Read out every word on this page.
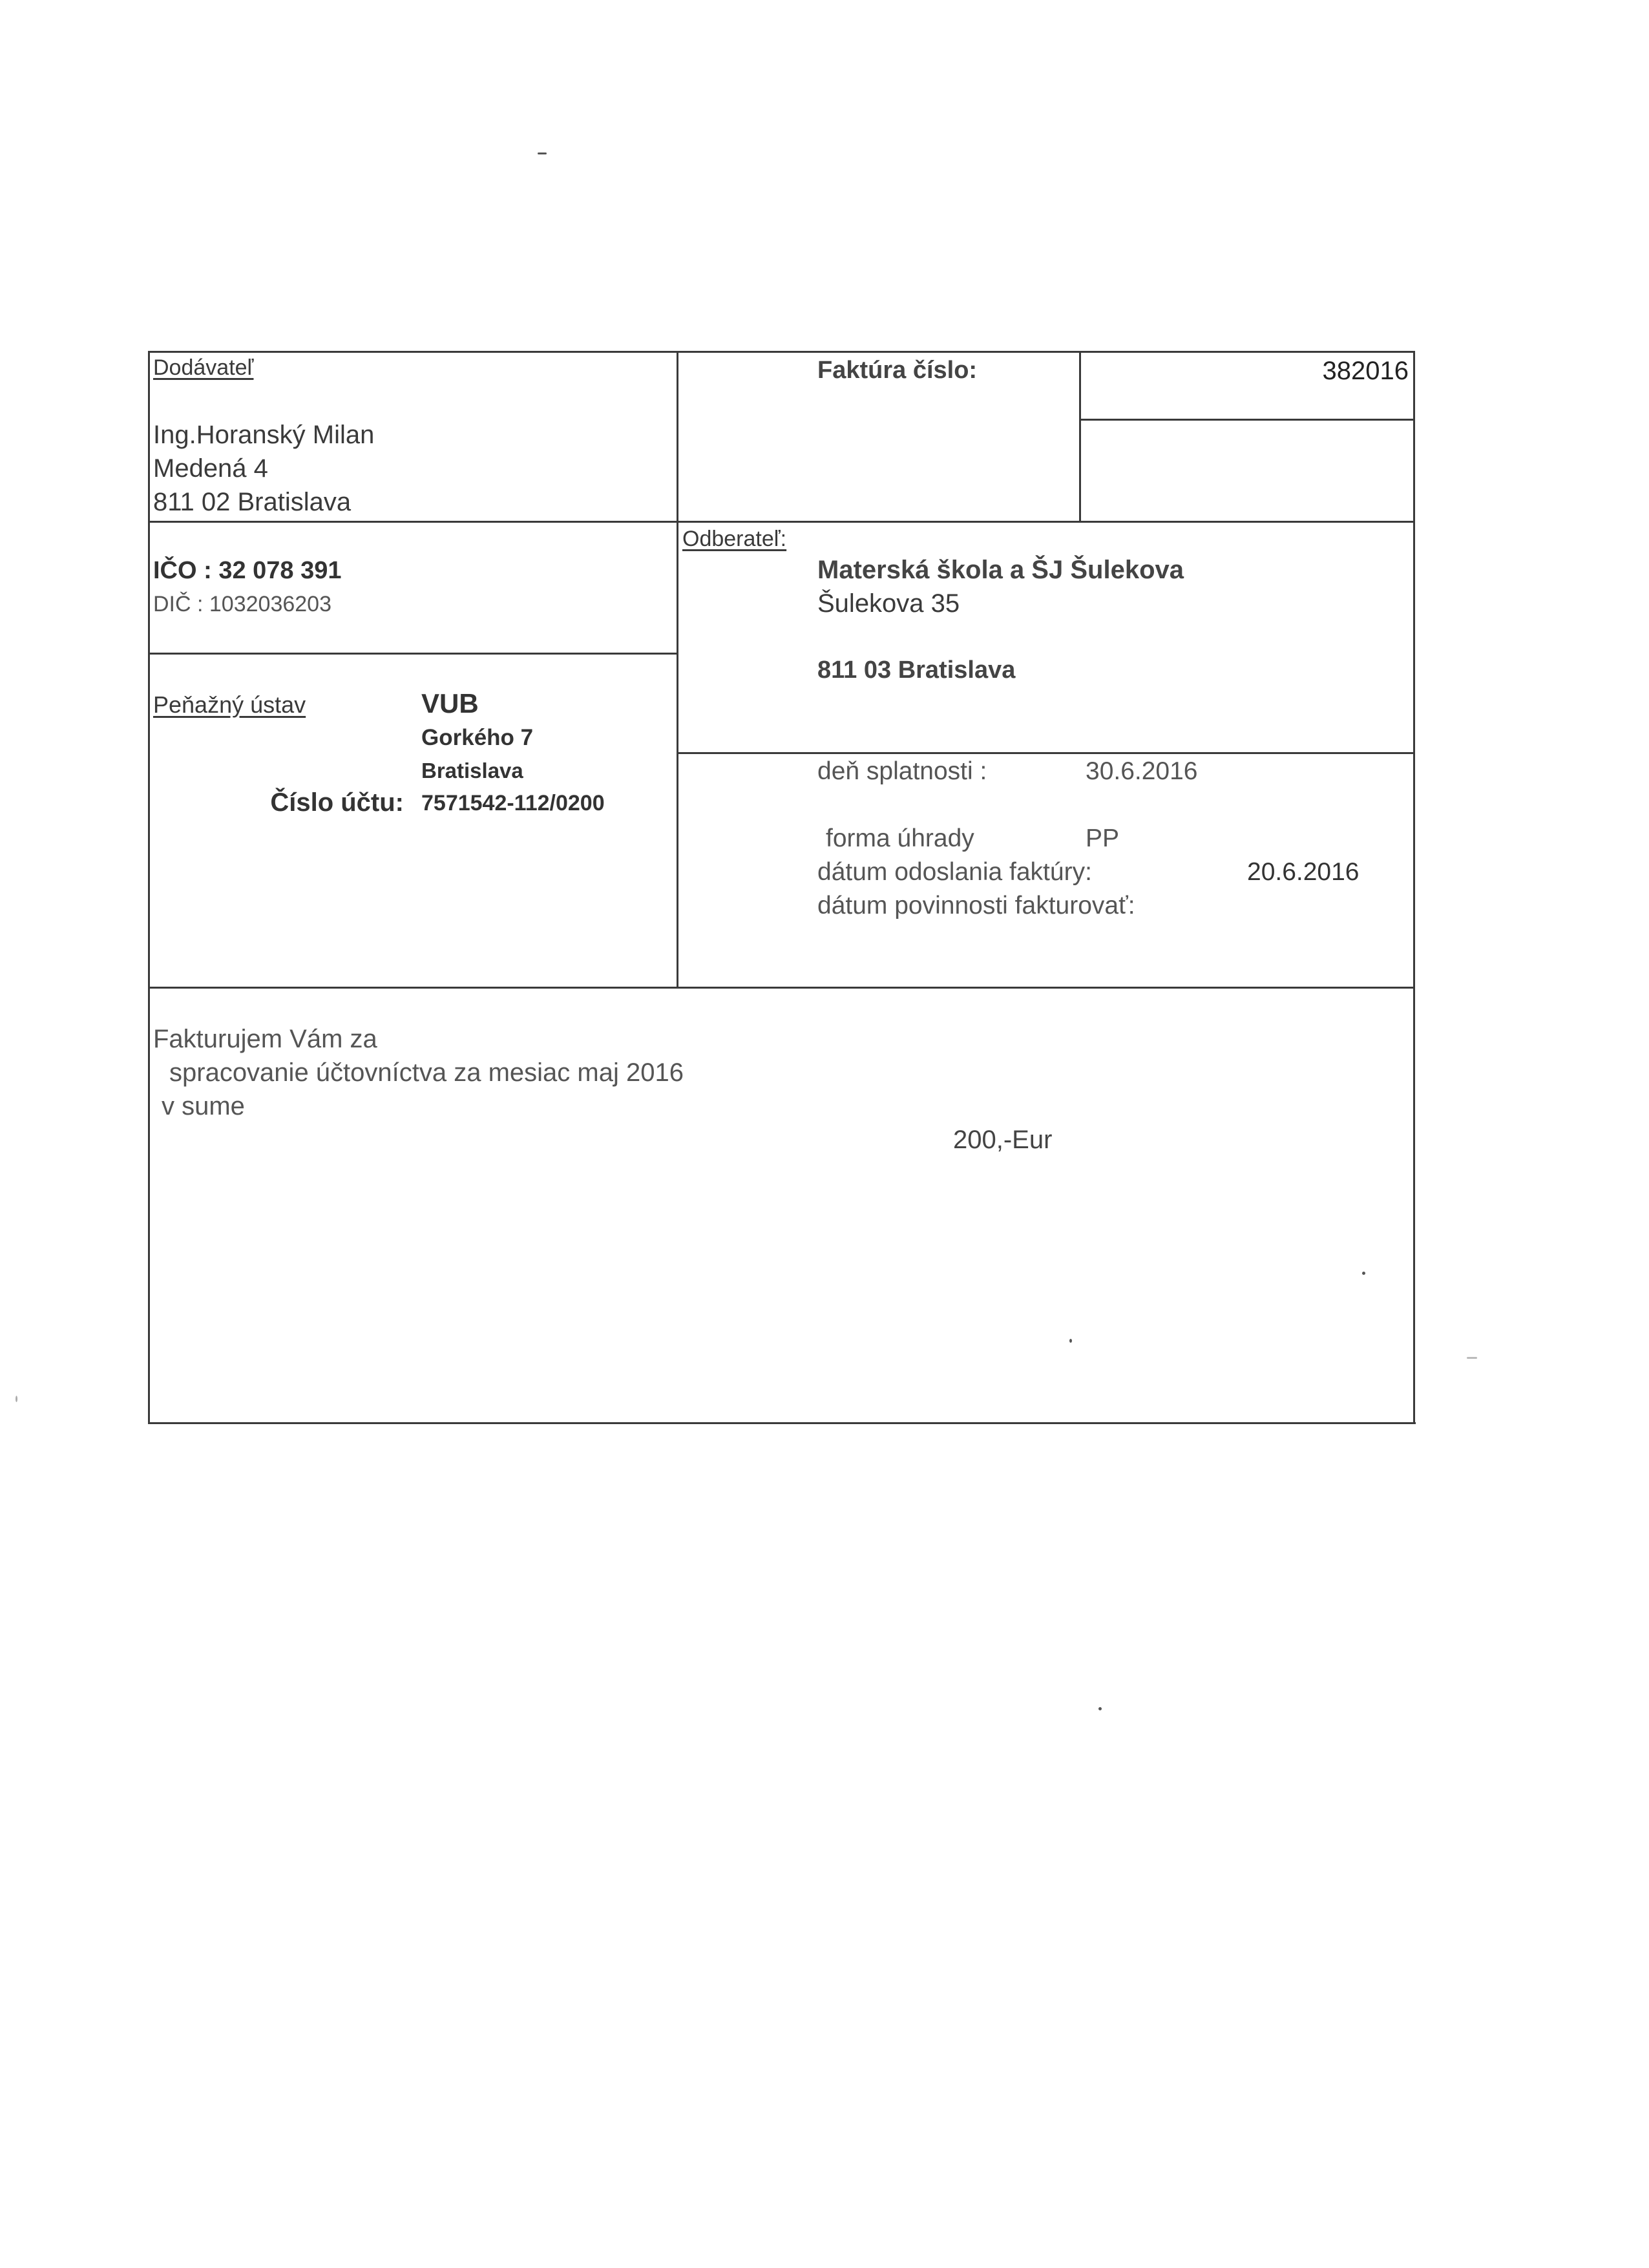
Dodávateľ
Ing.Horanský Milan
Medená 4
811 02 Bratislava
IČO : 32 078 391
DIČ : 1032036203
Peňažný ústav	VUB
Gorkého 7
Bratislava
Číslo účtu: 7571542-112/0200
Faktúra číslo:	382016
Odberateľ:
Materská škola a ŠJ Šulekova
Šulekova 35
811 03 Bratislava
deň splatnosti :	30.6.2016
forma úhrady	PP
dátum odoslania faktúry:	20.6.2016
dátum povinnosti fakturovať:
Fakturujem Vám za
spracovanie účtovníctva za mesiac maj 2016
v sume
200,-Eur
